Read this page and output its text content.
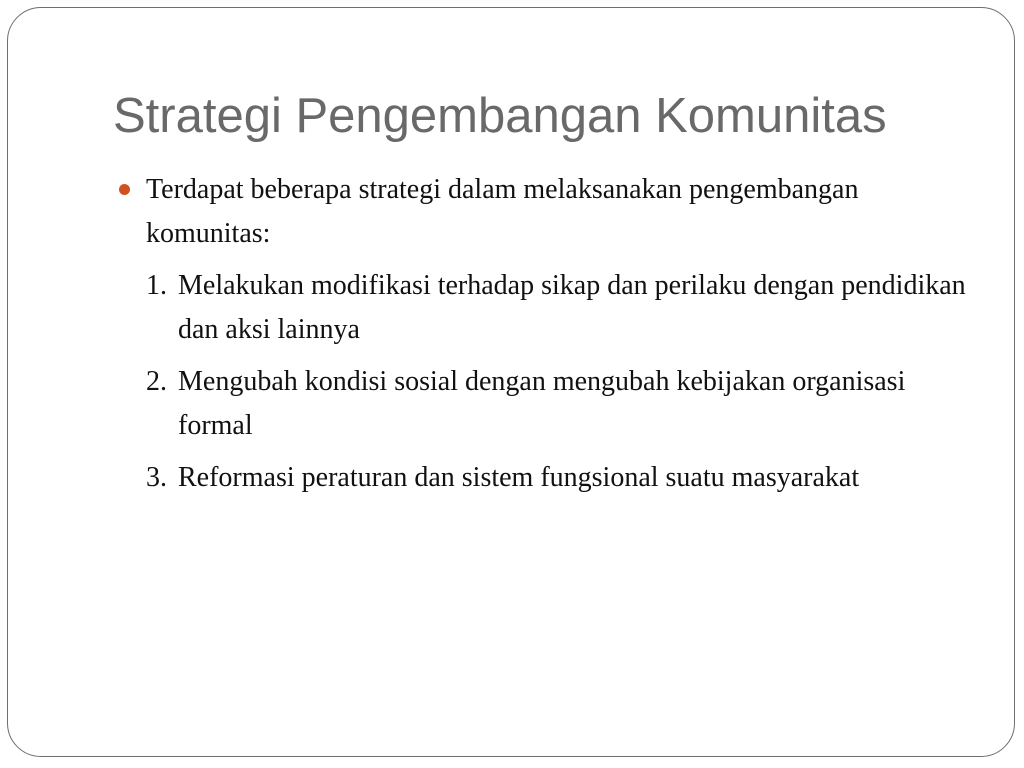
Strategi Pengembangan Komunitas
Terdapat beberapa strategi dalam melaksanakan pengembangan komunitas:
1. Melakukan modifikasi terhadap sikap dan perilaku dengan pendidikan dan aksi lainnya
2. Mengubah kondisi sosial dengan mengubah kebijakan organisasi formal
3. Reformasi peraturan dan sistem fungsional suatu masyarakat
